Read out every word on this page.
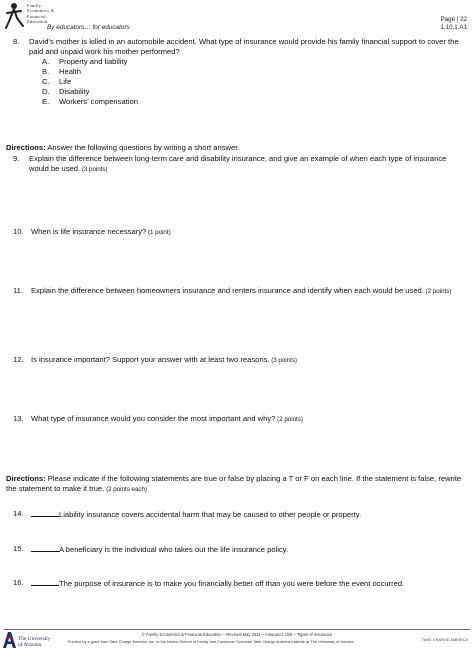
Family
Economics &
Financial
Education
By educators… for educators
Page | 22
1.10.1.A1
8. David’s mother is killed in an automobile accident. What type of insurance would provide his family financial support to cover the paid and unpaid work his mother performed?
A. Property and liability
B. Health
C. Life
D. Disability
E. Workers’ compensation
Directions: Answer the following questions by writing a short answer.
9. Explain the difference between long-term care and disability insurance, and give an example of when each type of insurance would be used. (3 points)
10. When is life insurance necessary? (1 point)
11. Explain the difference between homeowners insurance and renters insurance and identify when each would be used. (2 points)
12. Is insurance important? Support your answer with at least two reasons. (3 points)
13. What type of insurance would you consider the most important and why? (2 points)
Directions: Please indicate if the following statements are true or false by placing a T or F on each line. If the statement is false, rewrite the statement to make it true. (2 points each)
14.	Liability insurance covers accidental harm that may be caused to other people or property.
15.	A beneficiary is the individual who takes out the life insurance policy.
16.	The purpose of insurance is to make you financially better off than you were before the event occurred.
The University
of Arizona
© Family Economics & Financial Education – Revised May 2011 – Insurance Unit – Types of Insurance
Funded by a grant from Take Charge America, Inc. to the Norton School of Family and Consumer Sciences Take Charge America Institute at The University of Arizona	TAKE CHARGE AMERICA
